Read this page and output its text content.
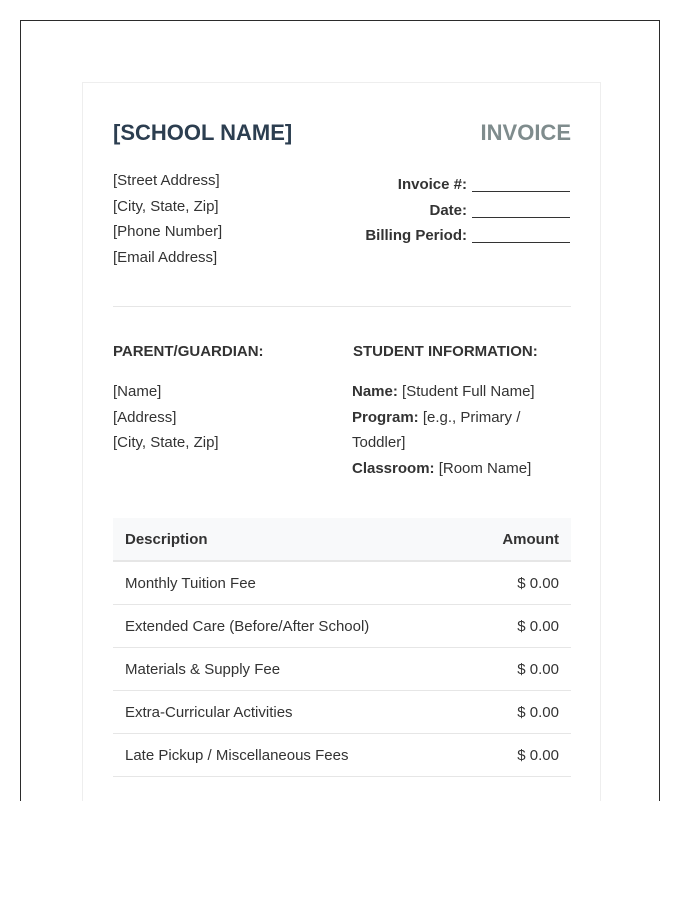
[SCHOOL NAME]	INVOICE
[Street Address]
[City, State, Zip]
[Phone Number]
[Email Address]
Invoice #:
Date:
Billing Period:
PARENT/GUARDIAN:	STUDENT INFORMATION:
[Name]
[Address]
[City, State, Zip]
Name: [Student Full Name]
Program: [e.g., Primary / Toddler]
Classroom: [Room Name]
Description	Amount
Monthly Tuition Fee	$ 0.00
Extended Care (Before/After School)	$ 0.00
Materials & Supply Fee	$ 0.00
Extra-Curricular Activities	$ 0.00
Late Pickup / Miscellaneous Fees	$ 0.00
